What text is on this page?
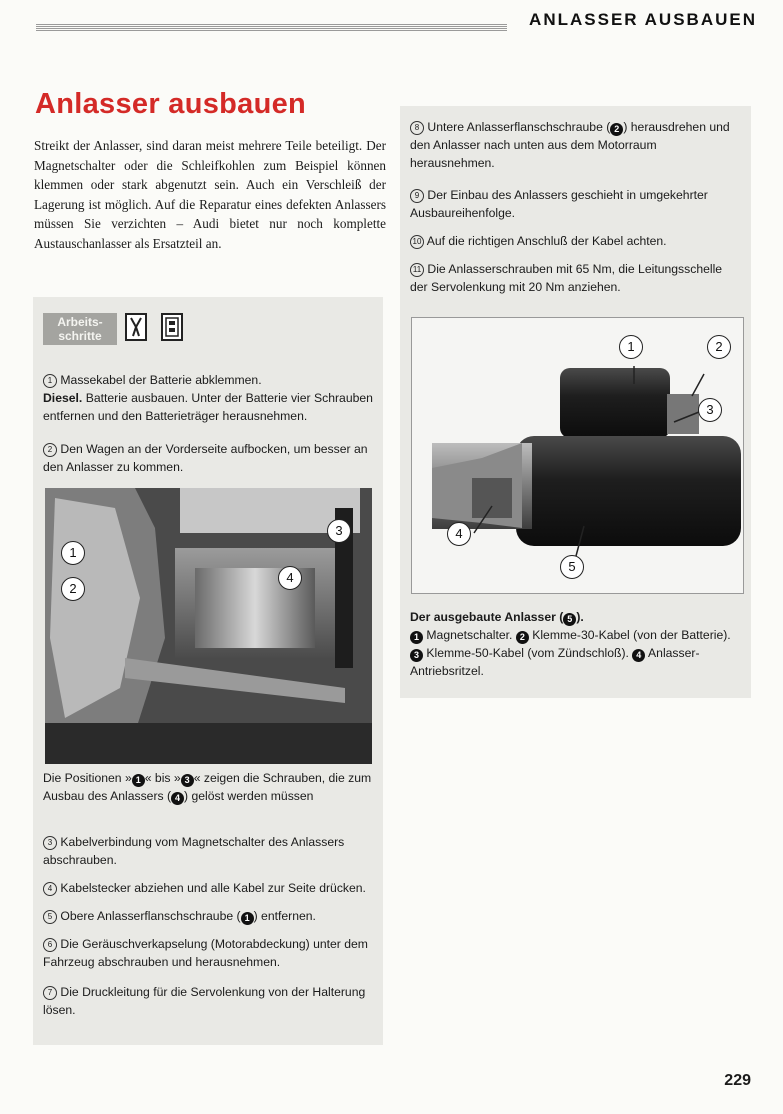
ANLASSER AUSBAUEN
Anlasser ausbauen
Streikt der Anlasser, sind daran meist mehrere Teile beteiligt. Der Magnetschalter oder die Schleifkohlen zum Beispiel können klemmen oder stark abgenutzt sein. Auch ein Verschleiß der Lagerung ist möglich. Auf die Reparatur eines defekten Anlassers müssen Sie verzichten – Audi bietet nur noch komplette Austauschanlasser als Ersatzteil an.
Arbeits-
schritte

1 Massekabel der Batterie abklemmen.

Diesel. Batterie ausbauen. Unter der Batterie vier Schrauben entfernen und den Batterieträger herausnehmen.

2 Den Wagen an der Vorderseite aufbocken, um besser an den Anlasser zu kommen.

1
2
3
4

Die Positionen » 1 « bis » 3 « zeigen die Schrauben, die zum Ausbau des Anlassers ( 4 ) gelöst werden müssen

3 Kabelverbindung vom Magnetschalter des Anlassers abschrauben.

4 Kabelstecker abziehen und alle Kabel zur Seite drücken.

5 Obere Anlasserflanschschraube ( 1 ) entfernen.

6 Die Geräuschverkapselung (Motorabdeckung) unter dem Fahrzeug abschrauben und herausnehmen.

7 Die Druckleitung für die Servolenkung von der Halterung lösen.

8 Untere Anlasserflanschschraube ( 2 ) herausdrehen und den Anlasser nach unten aus dem Motorraum herausnehmen.

9 Der Einbau des Anlassers geschieht in umgekehrter Ausbaureihenfolge.

10 Auf die richtigen Anschluß der Kabel achten.

11 Die Anlasserschrauben mit 65 Nm, die Leitungsschelle der Servolenkung mit 20 Nm anziehen.

1	2
3
4
5

Der ausgebaute Anlasser ( 5 ).

1 Magnetschalter. 2 Klemme-30-Kabel (von der Batterie). 3 Klemme-50-Kabel (vom Zündschloß). 4 Anlasser-Antriebsritzel.

229
